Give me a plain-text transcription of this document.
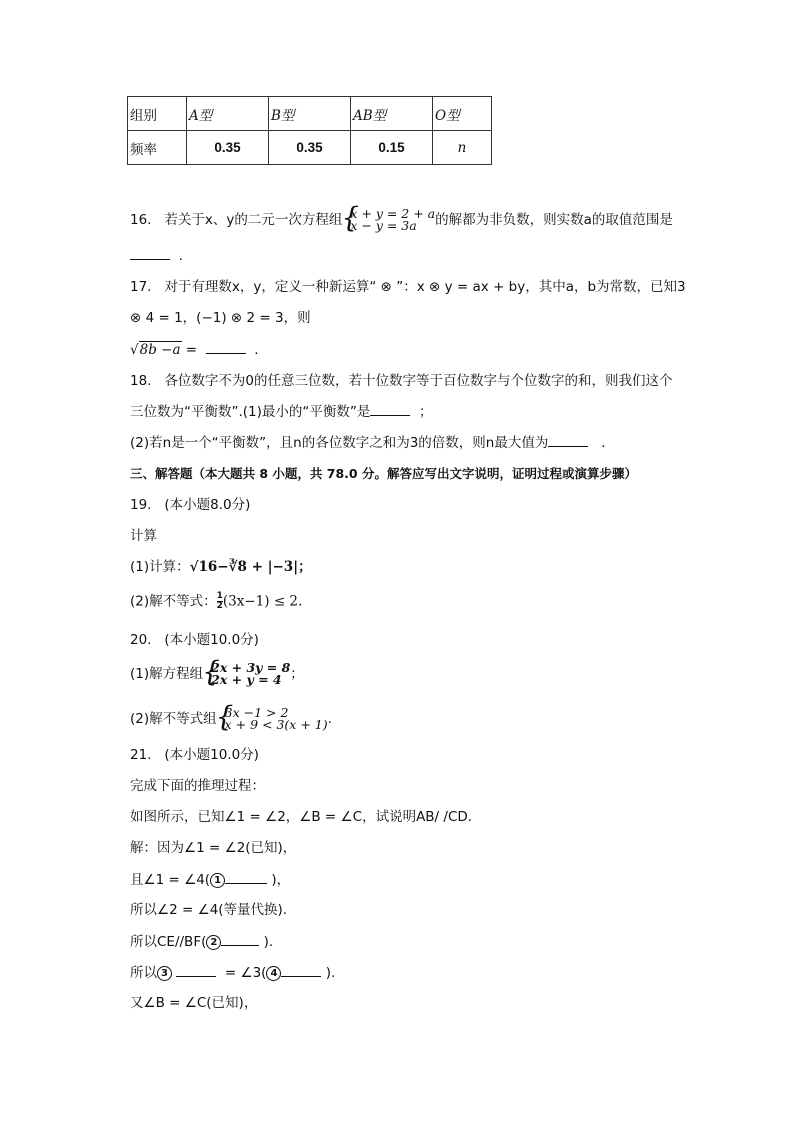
组别	A型	B型	AB型	O型
频率	0.35	0.35	0.15	n
16. 若关于x、y的二元一次方程组 { x + y = 2 + a
x − y = 3a	的解都为非负数，则实数a的取值范围是
.
17. 对于有理数x，y，定义一种新运算“ ⊗ ”：x ⊗ y = ax + by，其中a，b为常数，已知3
⊗ 4 = 1，(−1) ⊗ 2 = 3，则
√8b −a =	.
18. 各位数字不为0的任意三位数，若十位数字等于百位数字与个位数字的和，则我们这个
三位数为“平衡数”.(1)最小的“平衡数”是	；
(2)若n是一个“平衡数”，且n的各位数字之和为3的倍数，则n最大值为	.
三、解答题（本大题共 8 小题，共 78.0 分。解答应写出文字说明，证明过程或演算步骤）
19. (本小题8.0分)
计算
(1)计算：√16−∛8 + |−3|；
(2)解不等式： $\frac{1}{2} (3x-1) \le 2$.
20. (本小题10.0分)
(1)解方程组 { 2x + 3y = 8
2x + y = 4 ；
(2)解不等式组 { 3x −1 > 2
x + 9 < 3(x + 1) .
21. (本小题10.0分)
完成下面的推理过程：
如图所示，已知∠1 = ∠2，∠B = ∠C，试说明AB/ /CD.
解：因为∠1 = ∠2(已知)，
且∠1 = ∠4( 1	)，
所以∠2 = ∠4(等量代换).
所以CE//BF( 2	).
所以 3	= ∠3( 4	).
又∠B = ∠C(已知)，
